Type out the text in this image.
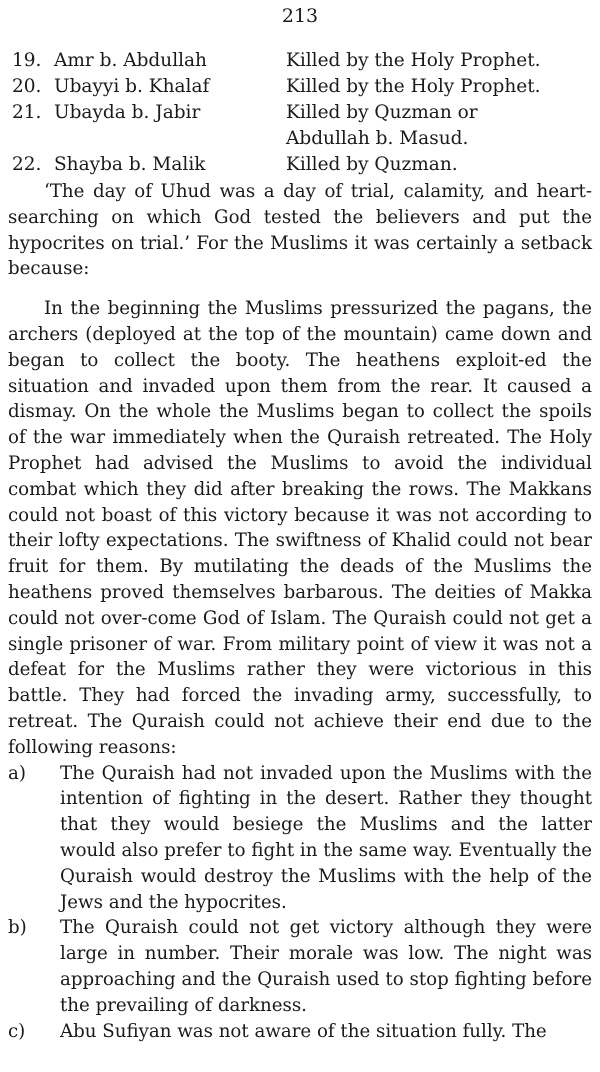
213
19. Amr b. Abdullah	Killed by the Holy Prophet.
20. Ubayyi b. Khalaf	Killed by the Holy Prophet.
21. Ubayda b. Jabir	Killed by Quzman or
Abdullah b. Masud.
22. Shayba b. Malik	Killed by Quzman.

‘The day of Uhud was a day of trial, calamity, and heart-searching on which God tested the believers and put the hypocrites on trial.’ For the Muslims it was certainly a setback because:

In the beginning the Muslims pressurized the pagans, the archers (deployed at the top of the mountain) came down and began to collect the booty. The heathens exploit-ed the situation and invaded upon them from the rear. It caused a dismay. On the whole the Muslims began to collect the spoils of the war immediately when the Quraish retreated. The Holy Prophet had advised the Muslims to avoid the individual combat which they did after breaking the rows. The Makkans could not boast of this victory because it was not according to their lofty expectations. The swiftness of Khalid could not bear fruit for them. By mutilating the deads of the Muslims the heathens proved themselves barbarous. The deities of Makka could not over-come God of Islam. The Quraish could not get a single prisoner of war. From military point of view it was not a defeat for the Muslims rather they were victorious in this battle. They had forced the invading army, successfully, to retreat. The Quraish could not achieve their end due to the following reasons:

a)	The Quraish had not invaded upon the Muslims with the intention of fighting in the desert. Rather they thought that they would besiege the Muslims and the latter would also prefer to fight in the same way. Eventually the Quraish would destroy the Muslims with the help of the Jews and the hypocrites.
b)	The Quraish could not get victory although they were large in number. Their morale was low. The night was approaching and the Quraish used to stop fighting before the prevailing of darkness.
c)	Abu Sufiyan was not aware of the situation fully. The
